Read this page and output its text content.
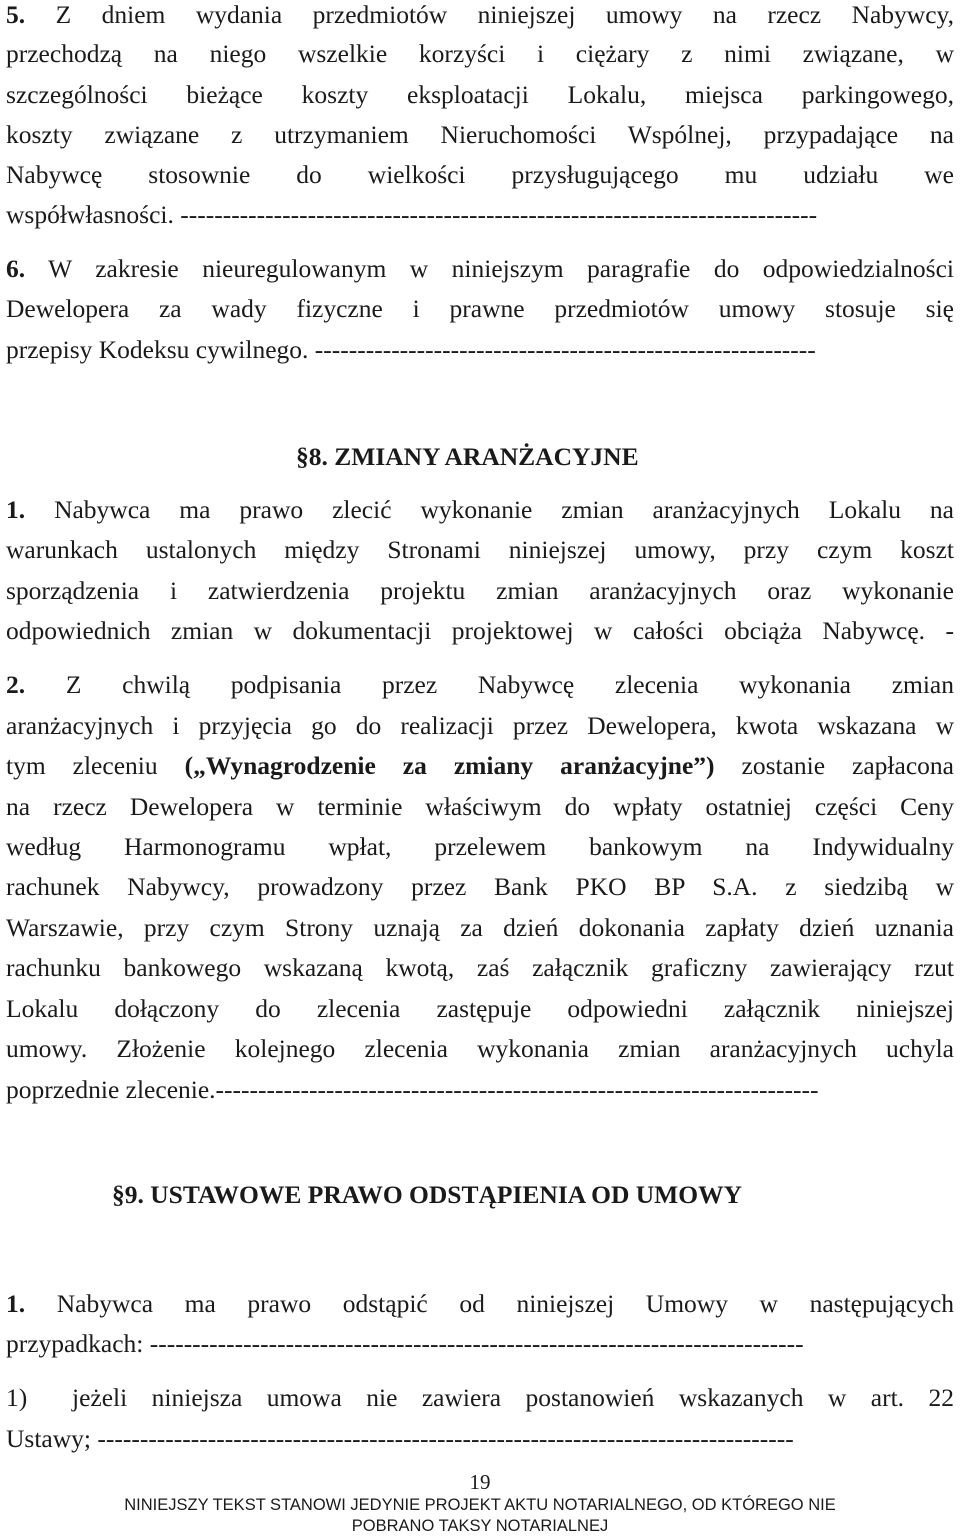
5. Z dniem wydania przedmiotów niniejszej umowy na rzecz Nabywcy,
przechodzą na niego wszelkie korzyści i ciężary z nimi związane, w
szczególności bieżące koszty eksploatacji Lokalu, miejsca parkingowego,
koszty związane z utrzymaniem Nieruchomości Wspólnej, przypadające na
Nabywcę stosownie do wielkości przysługującego mu udziału we
współwłasności. ---------------------------------------------------------------------------
6. W zakresie nieuregulowanym w niniejszym paragrafie do odpowiedzialności
Dewelopera za wady fizyczne i prawne przedmiotów umowy stosuje się
przepisy Kodeksu cywilnego. -----------------------------------------------------------
§8. ZMIANY ARANŻACYJNE
1. Nabywca ma prawo zlecić wykonanie zmian aranżacyjnych Lokalu na
warunkach ustalonych między Stronami niniejszej umowy, przy czym koszt
sporządzenia i zatwierdzenia projektu zmian aranżacyjnych oraz wykonanie
odpowiednich zmian w dokumentacji projektowej w całości obciąża Nabywcę. -
2. Z chwilą podpisania przez Nabywcę zlecenia wykonania zmian
aranżacyjnych i przyjęcia go do realizacji przez Dewelopera, kwota wskazana w
tym zleceniu („Wynagrodzenie za zmiany aranżacyjne”) zostanie zapłacona
na rzecz Dewelopera w terminie właściwym do wpłaty ostatniej części Ceny
według Harmonogramu wpłat, przelewem bankowym na Indywidualny
rachunek Nabywcy, prowadzony przez Bank PKO BP S.A. z siedzibą w
Warszawie, przy czym Strony uznają za dzień dokonania zapłaty dzień uznania
rachunku bankowego wskazaną kwotą, zaś załącznik graficzny zawierający rzut
Lokalu dołączony do zlecenia zastępuje odpowiedni załącznik niniejszej
umowy. Złożenie kolejnego zlecenia wykonania zmian aranżacyjnych uchyla
poprzednie zlecenie.-----------------------------------------------------------------------
§9. USTAWOWE PRAWO ODSTĄPIENIA OD UMOWY
1. Nabywca ma prawo odstąpić od niniejszej Umowy w następujących
przypadkach: -----------------------------------------------------------------------------
1) jeżeli niniejsza umowa nie zawiera postanowień wskazanych w art. 22
Ustawy; ----------------------------------------------------------------------------------
19
NINIEJSZY TEKST STANOWI JEDYNIE PROJEKT AKTU NOTARIALNEGO, OD KTÓREGO NIE
POBRANO TAKSY NOTARIALNEJ
